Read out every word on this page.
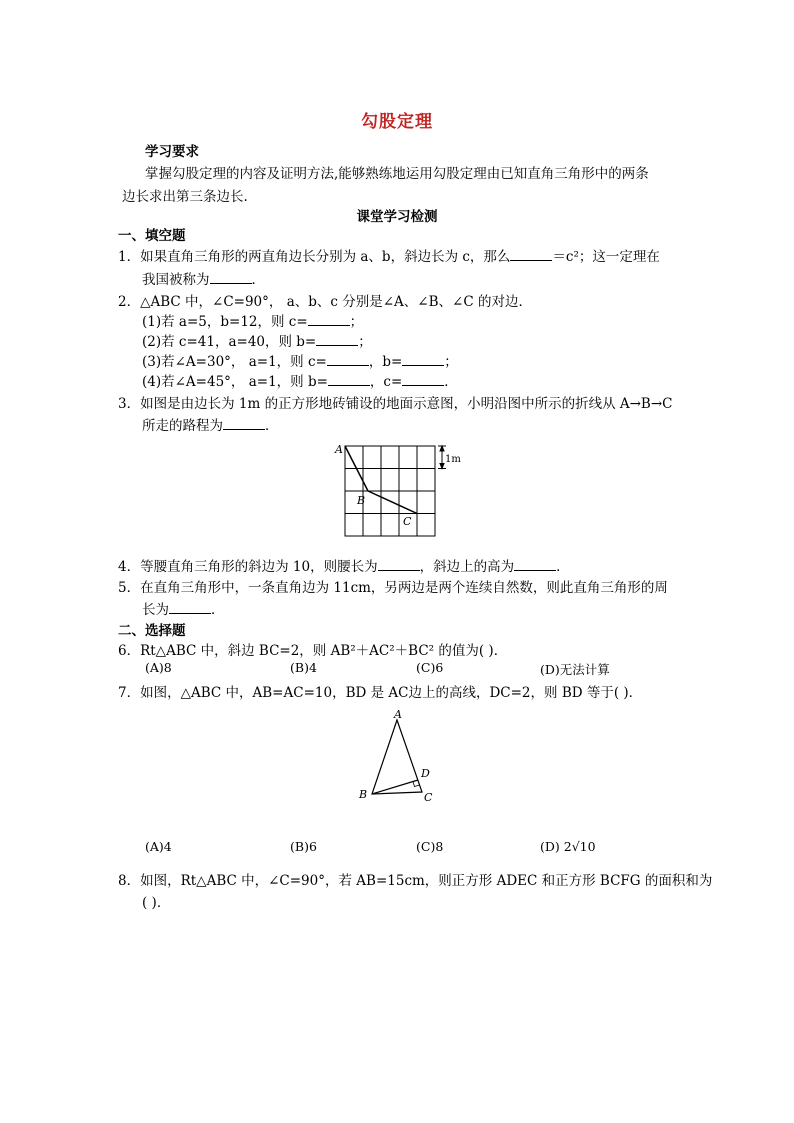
勾股定理
学习要求
掌握勾股定理的内容及证明方法,能够熟练地运用勾股定理由已知直角三角形中的两条
边长求出第三条边长.
课堂学习检测
一、填空题
1．如果直角三角形的两直角边长分别为 a、b，斜边长为 c，那么	＝c²；这一定理在
我国被称为	．
2．△ABC 中，∠C=90°， a、b、c 分别是∠A、∠B、∠C 的对边．
(1)若 a=5，b=12，则 c=	；
(2)若 c=41，a=40，则 b=	；
(3)若∠A=30°， a=1，则 c=	，b=	；
(4)若∠A=45°， a=1，则 b=	，c=	．
3．如图是由边长为 1m 的正方形地砖铺设的地面示意图，小明沿图中所示的折线从 A→B→C
所走的路程为	．
A
B
C
1m
4．等腰直角三角形的斜边为 10，则腰长为	，斜边上的高为	．
5．在直角三角形中，一条直角边为 11cm，另两边是两个连续自然数，则此直角三角形的周
长为	．
二、选择题
6．Rt△ABC 中，斜边 BC=2，则 AB²＋AC²＋BC² 的值为( )．
(A)8	(B)4	(C)6	(D)无法计算
7．如图，△ABC 中，AB=AC=10，BD 是 AC边上的高线，DC=2，则 BD 等于( )．
A
B	C
D
(A)4	(B)6	(C)8	(D) 2√10
8．如图，Rt△ABC 中，∠C=90°，若 AB=15cm，则正方形 ADEC 和正方形 BCFG 的面积和为
( )．
